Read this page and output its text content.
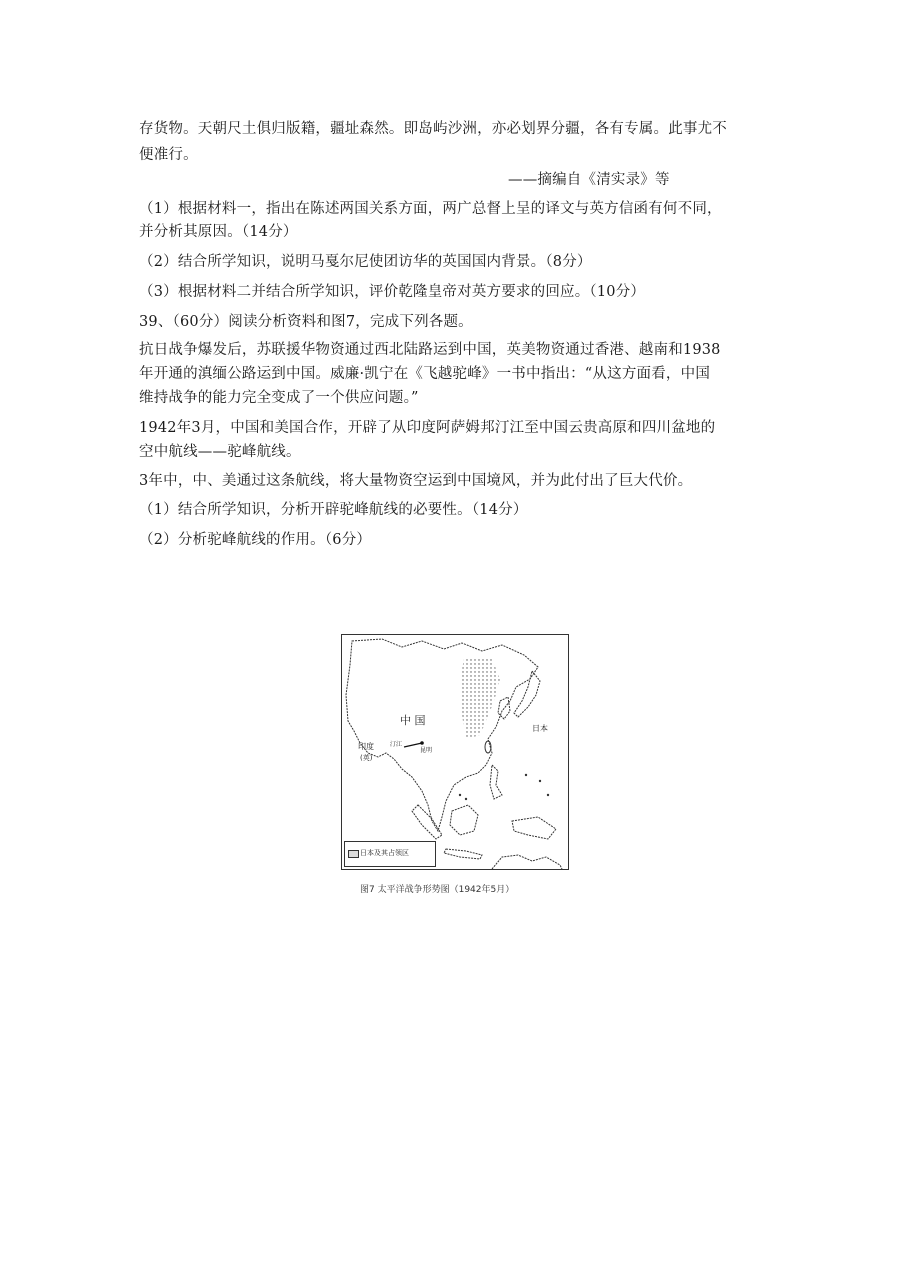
存货物。天朝尺土俱归版籍，疆址森然。即岛屿沙洲，亦必划界分疆，各有专属。此事尤不
便准行。
——摘编自《清实录》等
（1）根据材料一，指出在陈述两国关系方面，两广总督上呈的译文与英方信函有何不同，
并分析其原因。（14分）
（2）结合所学知识，说明马戛尔尼使团访华的英国国内背景。（8分）
（3）根据材料二并结合所学知识，评价乾隆皇帝对英方要求的回应。（10分）
39、（60分）阅读分析资料和图7，完成下列各题。
抗日战争爆发后，苏联援华物资通过西北陆路运到中国，英美物资通过香港、越南和1938
年开通的滇缅公路运到中国。威廉·凯宁在《飞越驼峰》一书中指出：“从这方面看，中国
维持战争的能力完全变成了一个供应问题。”
1942年3月，中国和美国合作，开辟了从印度阿萨姆邦汀江至中国云贵高原和四川盆地的
空中航线——驼峰航线。
3年中，中、美通过这条航线，将大量物资空运到中国境风，并为此付出了巨大代价。
（1）结合所学知识，分析开辟驼峰航线的必要性。（14分）
（2）分析驼峰航线的作用。（6分）
中 国
日本
印度
(英)
昆明
汀江
日本及其占领区
图7 太平洋战争形势图（1942年5月）
